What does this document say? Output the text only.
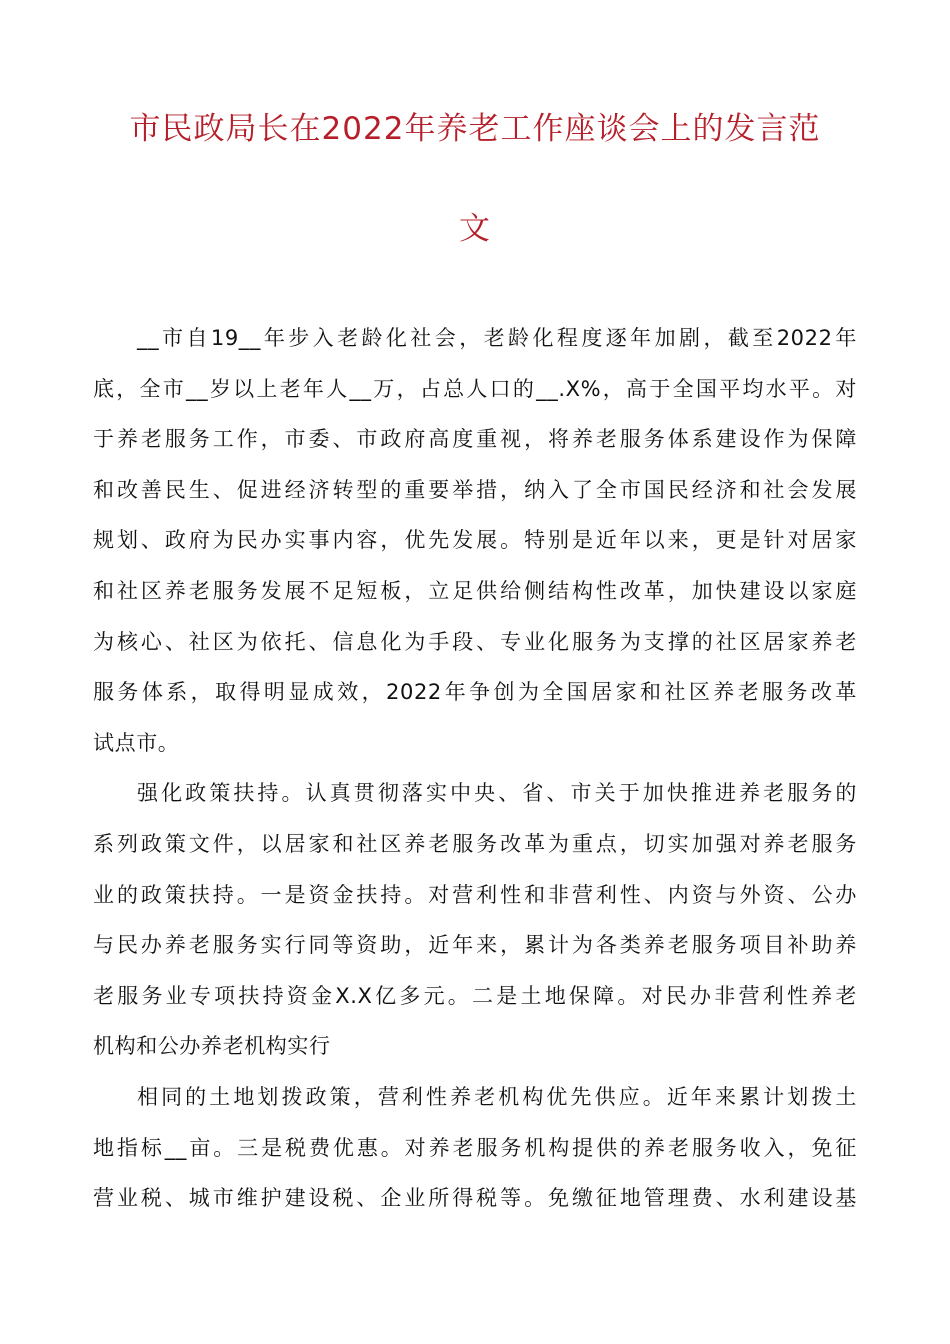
市民政局长在2022年养老工作座谈会上的发言范
文
__市自19__年步入老龄化社会，老龄化程度逐年加剧，截至2022年
底，全市__岁以上老年人__万，占总人口的__.X%，高于全国平均水平。对
于养老服务工作，市委、市政府高度重视，将养老服务体系建设作为保障
和改善民生、促进经济转型的重要举措，纳入了全市国民经济和社会发展
规划、政府为民办实事内容，优先发展。特别是近年以来，更是针对居家
和社区养老服务发展不足短板，立足供给侧结构性改革，加快建设以家庭
为核心、社区为依托、信息化为手段、专业化服务为支撑的社区居家养老
服务体系，取得明显成效，2022年争创为全国居家和社区养老服务改革
试点市。
强化政策扶持。认真贯彻落实中央、省、市关于加快推进养老服务的
系列政策文件，以居家和社区养老服务改革为重点，切实加强对养老服务
业的政策扶持。一是资金扶持。对营利性和非营利性、内资与外资、公办
与民办养老服务实行同等资助，近年来，累计为各类养老服务项目补助养
老服务业专项扶持资金X.X亿多元。二是土地保障。对民办非营利性养老
机构和公办养老机构实行
相同的土地划拨政策，营利性养老机构优先供应。近年来累计划拨土
地指标__亩。三是税费优惠。对养老服务机构提供的养老服务收入，免征
营业税、城市维护建设税、企业所得税等。免缴征地管理费、水利建设基
